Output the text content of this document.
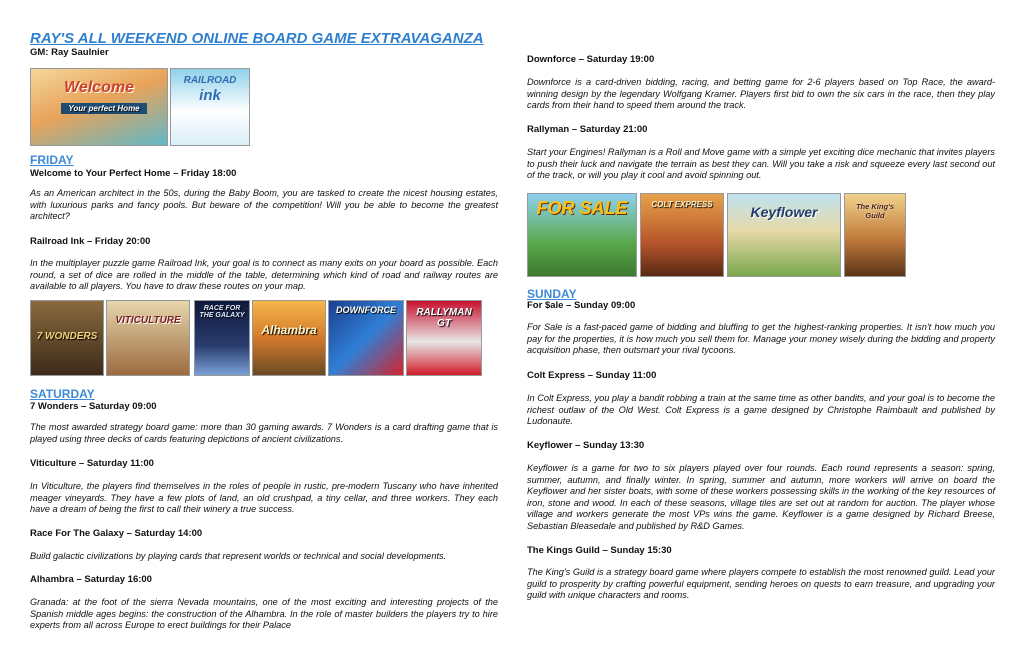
RAY'S ALL WEEKEND ONLINE BOARD GAME EXTRAVAGANZA
GM: Ray Saulnier
Welcome
Your perfect Home
RAILROAD
ink
FRIDAY
Welcome to Your Perfect Home – Friday 18:00

As an American architect in the 50s, during the Baby Boom, you are tasked to create the nicest housing estates, with luxurious parks and fancy pools. But beware of the competition! Will you be able to become the greatest architect?

Railroad Ink – Friday 20:00

In the multiplayer puzzle game Railroad Ink, your goal is to connect as many exits on your board as possible. Each round, a set of dice are rolled in the middle of the table, determining which kind of road and railway routes are available to all players. You have to draw these routes on your map.

SATURDAY
7 Wonders – Saturday 09:00

The most awarded strategy board game: more than 30 gaming awards. 7 Wonders is a card drafting game that is played using three decks of cards featuring depictions of ancient civilizations.

Viticulture – Saturday 11:00

In Viticulture, the players find themselves in the roles of people in rustic, pre-modern Tuscany who have inherited meager vineyards. They have a few plots of land, an old crushpad, a tiny cellar, and three workers. They each have a dream of being the first to call their winery a true success.

Race For The Galaxy – Saturday 14:00

Build galactic civilizations by playing cards that represent worlds or technical and social developments.

Alhambra – Saturday 16:00

Granada: at the foot of the sierra Nevada mountains, one of the most exciting and interesting projects of the Spanish middle ages begins: the construction of the Alhambra. In the role of master builders the players try to hire experts from all across Europe to erect buildings for their Palace

7 WONDERS
VITICULTURE
RACE FOR THE GALAXY
Alhambra
DOWNFORCE	RALLYMAN GT
Downforce – Saturday 19:00

Downforce is a card-driven bidding, racing, and betting game for 2-6 players based on Top Race, the award-winning design by the legendary Wolfgang Kramer. Players first bid to own the six cars in the race, then they play cards from their hand to speed them around the track.

Rallyman – Saturday 21:00

Start your Engines! Rallyman is a Roll and Move game with a simple yet exciting dice mechanic that invites players to push their luck and navigate the terrain as best they can. Will you take a risk and squeeze every last second out of the track, or will you play it cool and avoid spinning out.

SUNDAY
For $ale – Sunday 09:00

For Sale is a fast-paced game of bidding and bluffing to get the highest-ranking properties. It isn't how much you pay for the properties, it is how much you sell them for. Manage your money wisely during the bidding and property acquisition phase, then outsmart your rival tycoons.

Colt Express – Sunday 11:00

In Colt Express, you play a bandit robbing a train at the same time as other bandits, and your goal is to become the richest outlaw of the Old West. Colt Express is a game designed by Christophe Raimbault and published by Ludonaute.

Keyflower – Sunday 13:30

Keyflower is a game for two to six players played over four rounds. Each round represents a season: spring, summer, autumn, and finally winter. In spring, summer and autumn, more workers will arrive on board the Keyflower and her sister boats, with some of these workers possessing skills in the working of the key resources of iron, stone and wood. In each of these seasons, village tiles are set out at random for auction. The player whose village and workers generate the most VPs wins the game. Keyflower is a game designed by Richard Breese, Sebastian Bleasedale and published by R&D Games.

The Kings Guild – Sunday 15:30

The King's Guild is a strategy board game where players compete to establish the most renowned guild. Lead your guild to prosperity by crafting powerful equipment, sending heroes on quests to earn treasure, and upgrading your guild with unique characters and rooms.

FOR SALE	COLT EXPRESS	Keyflower	The King's Guild
